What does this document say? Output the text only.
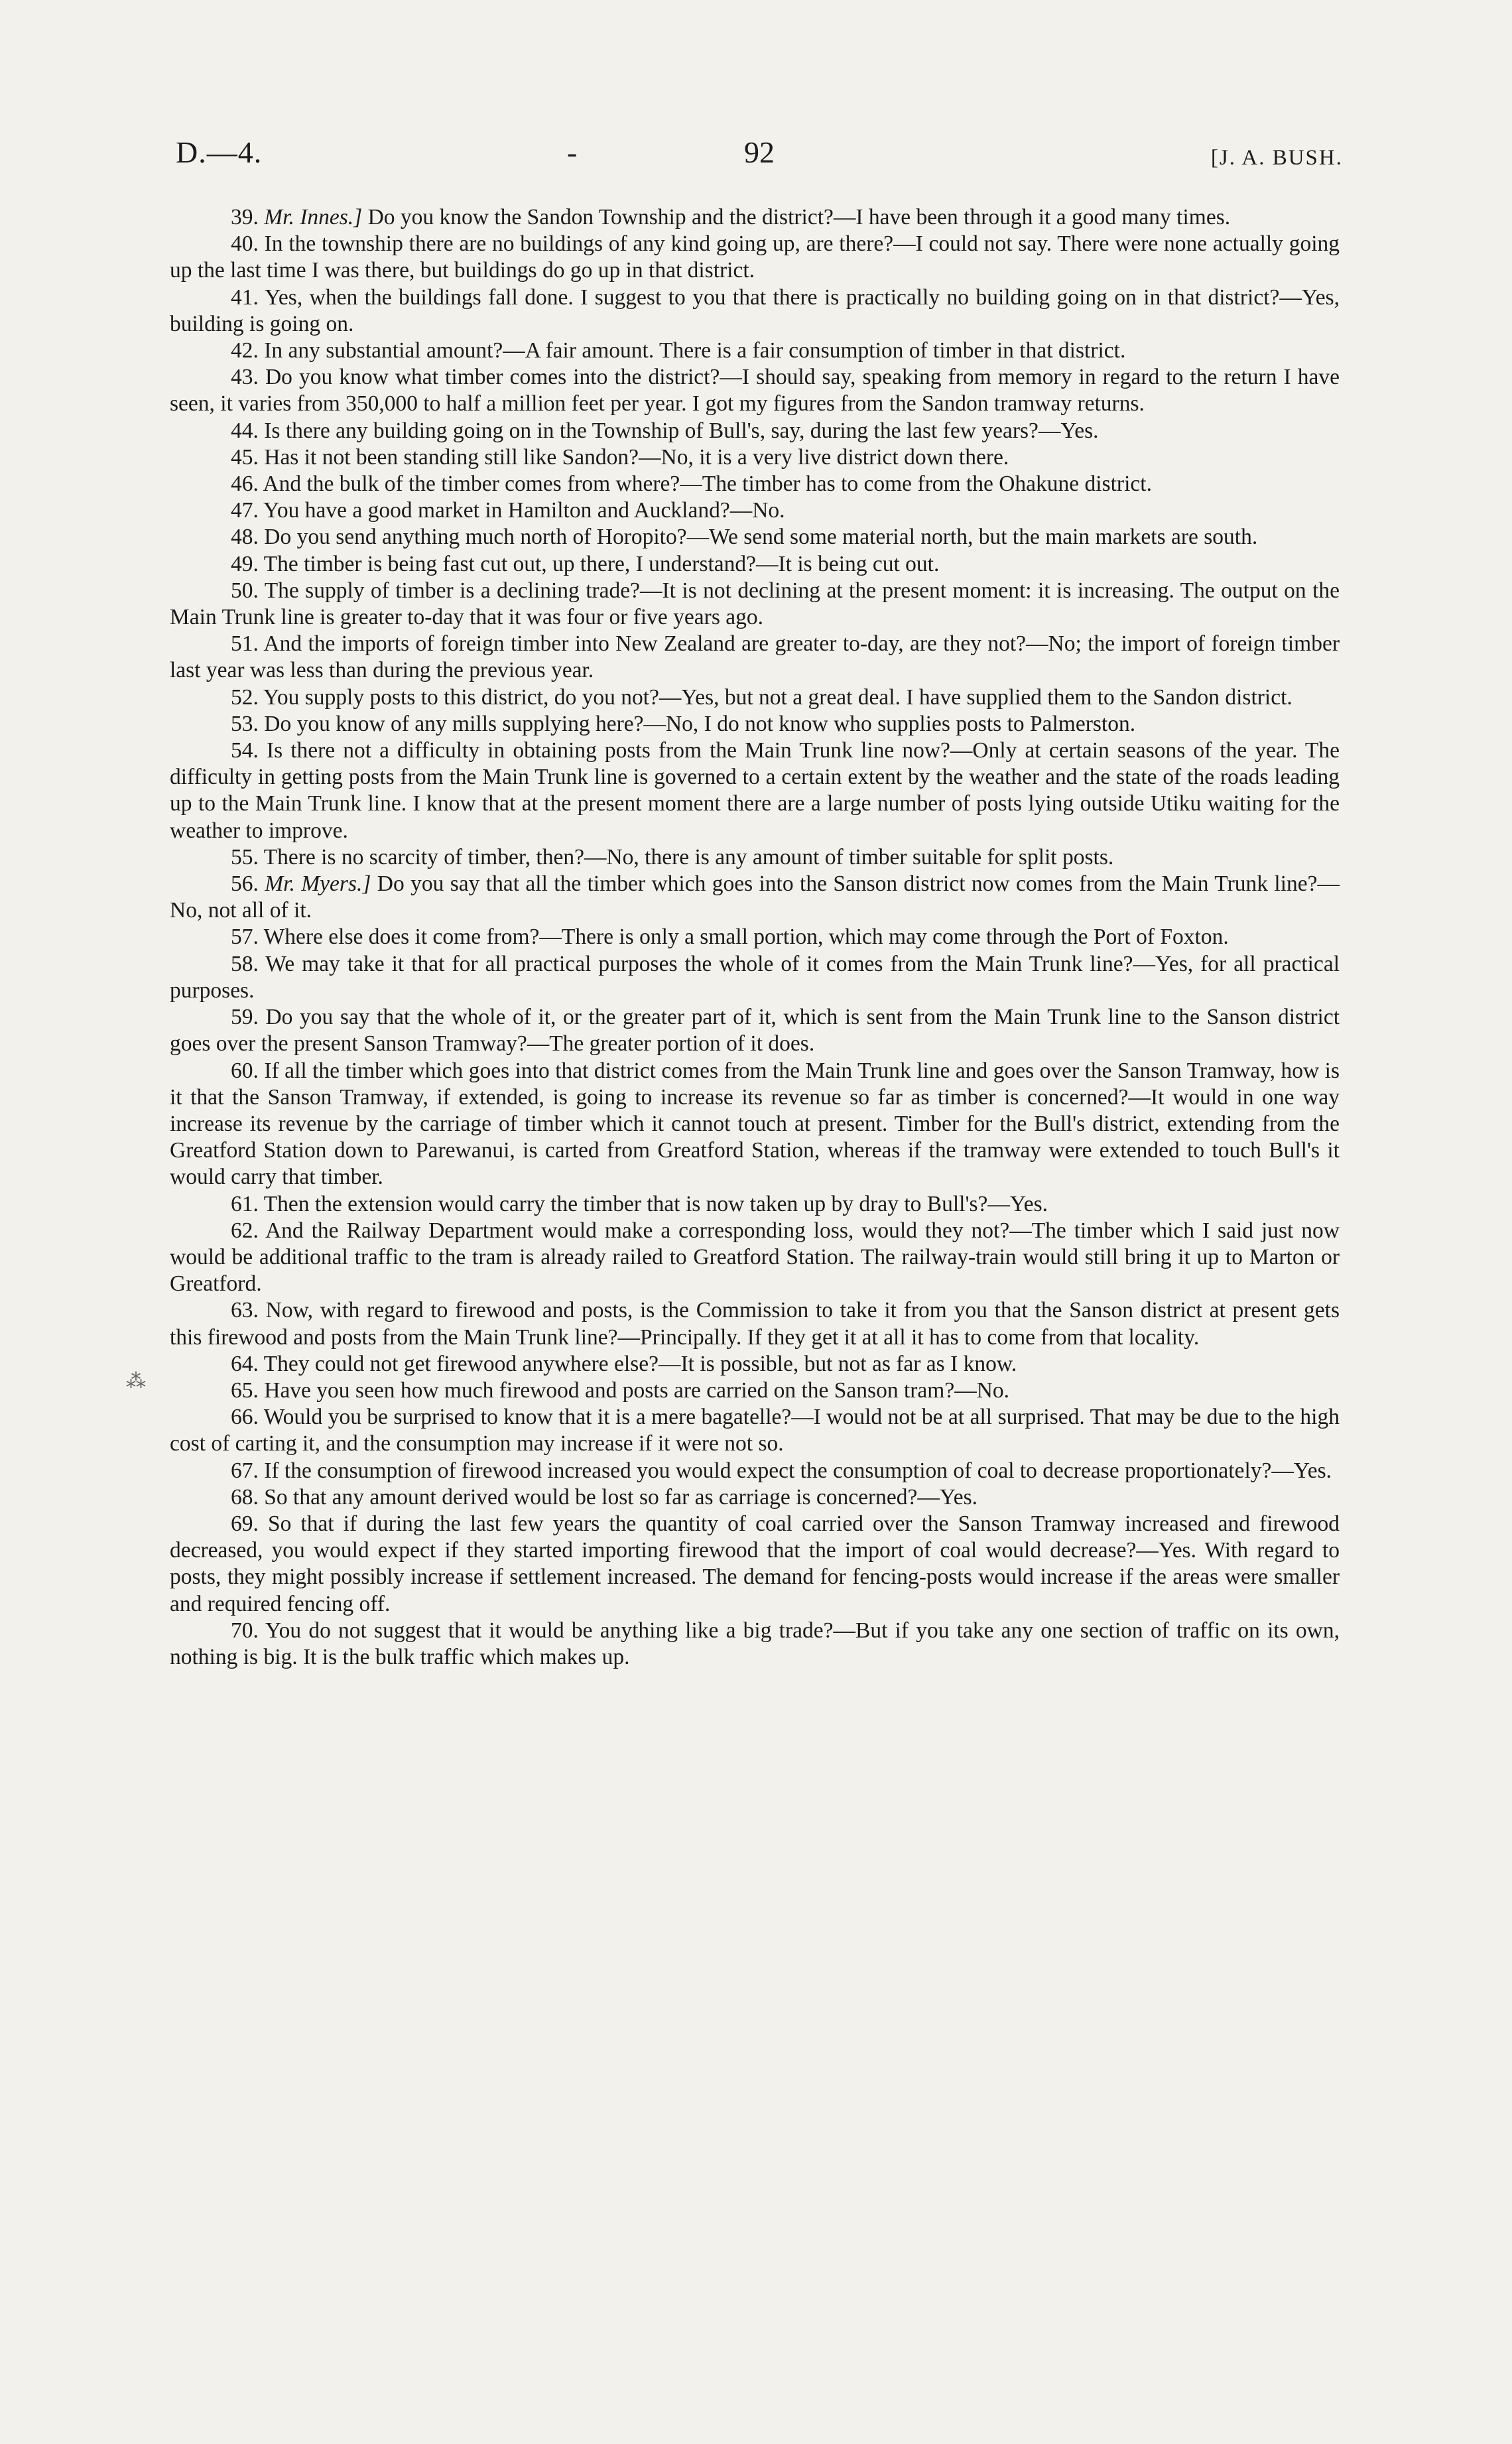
D.—4.	-	92	[J. A. BUSH.

39. Mr. Innes.] Do you know the Sandon Township and the district?—I have been through it a good many times.

40. In the township there are no buildings of any kind going up, are there?—I could not say. There were none actually going up the last time I was there, but buildings do go up in that district.

41. Yes, when the buildings fall done. I suggest to you that there is practically no building going on in that district?—Yes, building is going on.

42. In any substantial amount?—A fair amount. There is a fair consumption of timber in that district.

43. Do you know what timber comes into the district?—I should say, speaking from memory in regard to the return I have seen, it varies from 350,000 to half a million feet per year. I got my figures from the Sandon tramway returns.

44. Is there any building going on in the Township of Bull's, say, during the last few years?—Yes.

45. Has it not been standing still like Sandon?—No, it is a very live district down there.

46. And the bulk of the timber comes from where?—The timber has to come from the Ohakune district.

47. You have a good market in Hamilton and Auckland?—No.

48. Do you send anything much north of Horopito?—We send some material north, but the main markets are south.

49. The timber is being fast cut out, up there, I understand?—It is being cut out.

50. The supply of timber is a declining trade?—It is not declining at the present moment: it is increasing. The output on the Main Trunk line is greater to-day that it was four or five years ago.

51. And the imports of foreign timber into New Zealand are greater to-day, are they not?—No; the import of foreign timber last year was less than during the previous year.

52. You supply posts to this district, do you not?—Yes, but not a great deal. I have supplied them to the Sandon district.

53. Do you know of any mills supplying here?—No, I do not know who supplies posts to Palmerston.

54. Is there not a difficulty in obtaining posts from the Main Trunk line now?—Only at certain seasons of the year. The difficulty in getting posts from the Main Trunk line is governed to a certain extent by the weather and the state of the roads leading up to the Main Trunk line. I know that at the present moment there are a large number of posts lying outside Utiku waiting for the weather to improve.

55. There is no scarcity of timber, then?—No, there is any amount of timber suitable for split posts.

56. Mr. Myers.] Do you say that all the timber which goes into the Sanson district now comes from the Main Trunk line?—No, not all of it.

57. Where else does it come from?—There is only a small portion, which may come through the Port of Foxton.

58. We may take it that for all practical purposes the whole of it comes from the Main Trunk line?—Yes, for all practical purposes.

59. Do you say that the whole of it, or the greater part of it, which is sent from the Main Trunk line to the Sanson district goes over the present Sanson Tramway?—The greater portion of it does.

60. If all the timber which goes into that district comes from the Main Trunk line and goes over the Sanson Tramway, how is it that the Sanson Tramway, if extended, is going to increase its revenue so far as timber is concerned?—It would in one way increase its revenue by the carriage of timber which it cannot touch at present. Timber for the Bull's district, extending from the Greatford Station down to Parewanui, is carted from Greatford Station, whereas if the tramway were extended to touch Bull's it would carry that timber.

61. Then the extension would carry the timber that is now taken up by dray to Bull's?—Yes.

62. And the Railway Department would make a corresponding loss, would they not?—The timber which I said just now would be additional traffic to the tram is already railed to Greatford Station. The railway-train would still bring it up to Marton or Greatford.

63. Now, with regard to firewood and posts, is the Commission to take it from you that the Sanson district at present gets this firewood and posts from the Main Trunk line?—Principally. If they get it at all it has to come from that locality.

64. They could not get firewood anywhere else?—It is possible, but not as far as I know.

65. Have you seen how much firewood and posts are carried on the Sanson tram?—No.

66. Would you be surprised to know that it is a mere bagatelle?—I would not be at all surprised. That may be due to the high cost of carting it, and the consumption may increase if it were not so.

67. If the consumption of firewood increased you would expect the consumption of coal to decrease proportionately?—Yes.

68. So that any amount derived would be lost so far as carriage is concerned?—Yes.

69. So that if during the last few years the quantity of coal carried over the Sanson Tramway increased and firewood decreased, you would expect if they started importing firewood that the import of coal would decrease?—Yes. With regard to posts, they might possibly increase if settlement increased. The demand for fencing-posts would increase if the areas were smaller and required fencing off.

70. You do not suggest that it would be anything like a big trade?—But if you take any one section of traffic on its own, nothing is big. It is the bulk traffic which makes up.

⁂
